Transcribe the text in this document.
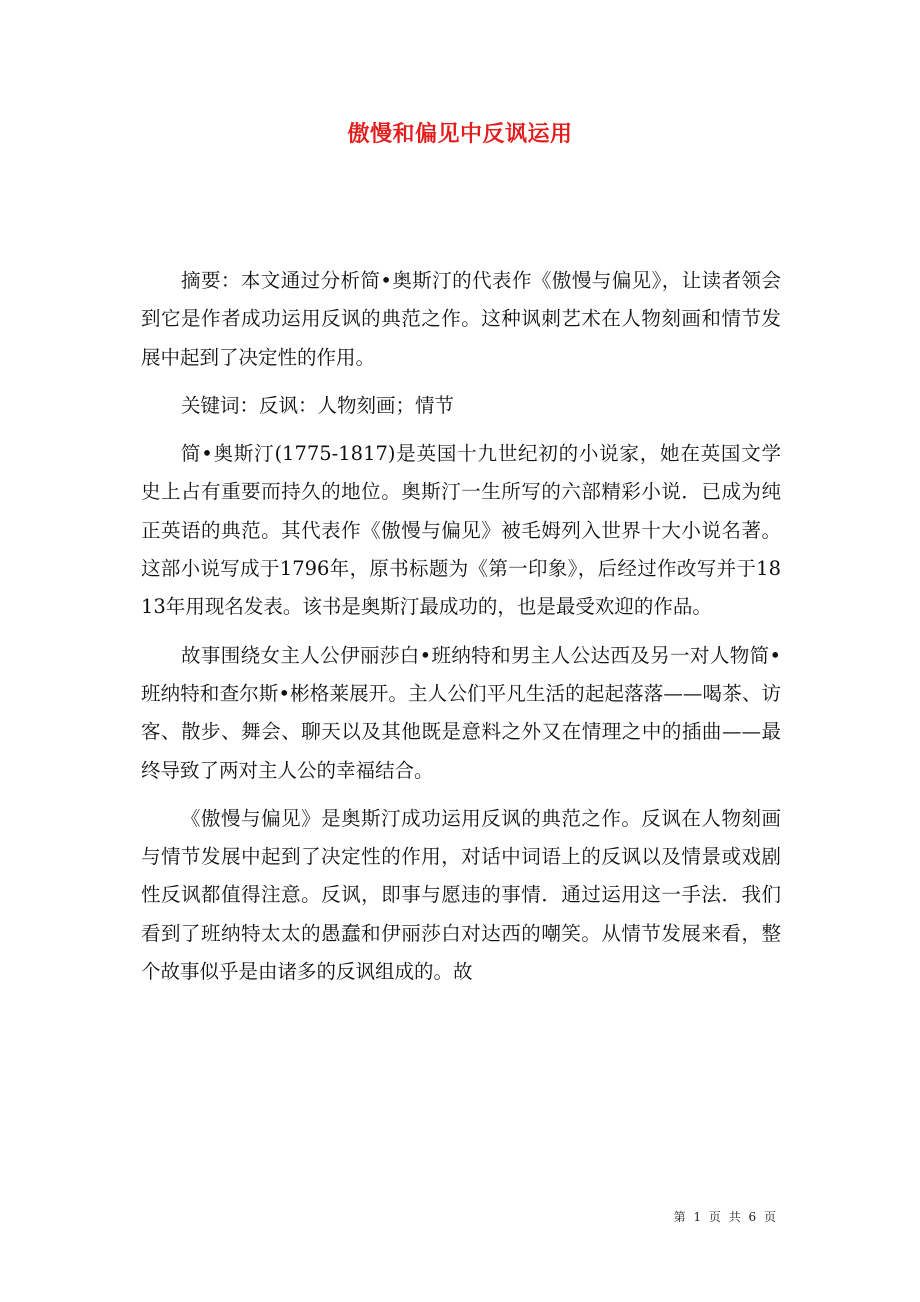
傲慢和偏见中反讽运用

摘要：本文通过分析简•奥斯汀的代表作《傲慢与偏见》，让读者领会到它是作者成功运用反讽的典范之作。这种讽刺艺术在人物刻画和情节发展中起到了决定性的作用。

关键词：反讽：人物刻画；情节

简•奥斯汀(1775-1817)是英国十九世纪初的小说家，她在英国文学史上占有重要而持久的地位。奥斯汀一生所写的六部精彩小说．已成为纯正英语的典范。其代表作《傲慢与偏见》被毛姆列入世界十大小说名著。这部小说写成于1796年，原书标题为《第一印象》，后经过作改写并于1813年用现名发表。该书是奥斯汀最成功的，也是最受欢迎的作品。

故事围绕女主人公伊丽莎白•班纳特和男主人公达西及另一对人物简•班纳特和查尔斯•彬格莱展开。主人公们平凡生活的起起落落——喝茶、访客、散步、舞会、聊天以及其他既是意料之外又在情理之中的插曲——最终导致了两对主人公的幸福结合。

《傲慢与偏见》是奥斯汀成功运用反讽的典范之作。反讽在人物刻画与情节发展中起到了决定性的作用，对话中词语上的反讽以及情景或戏剧性反讽都值得注意。反讽，即事与愿违的事情．通过运用这一手法．我们看到了班纳特太太的愚蠢和伊丽莎白对达西的嘲笑。从情节发展来看，整个故事似乎是由诸多的反讽组成的。故

第 1 页 共 6 页
